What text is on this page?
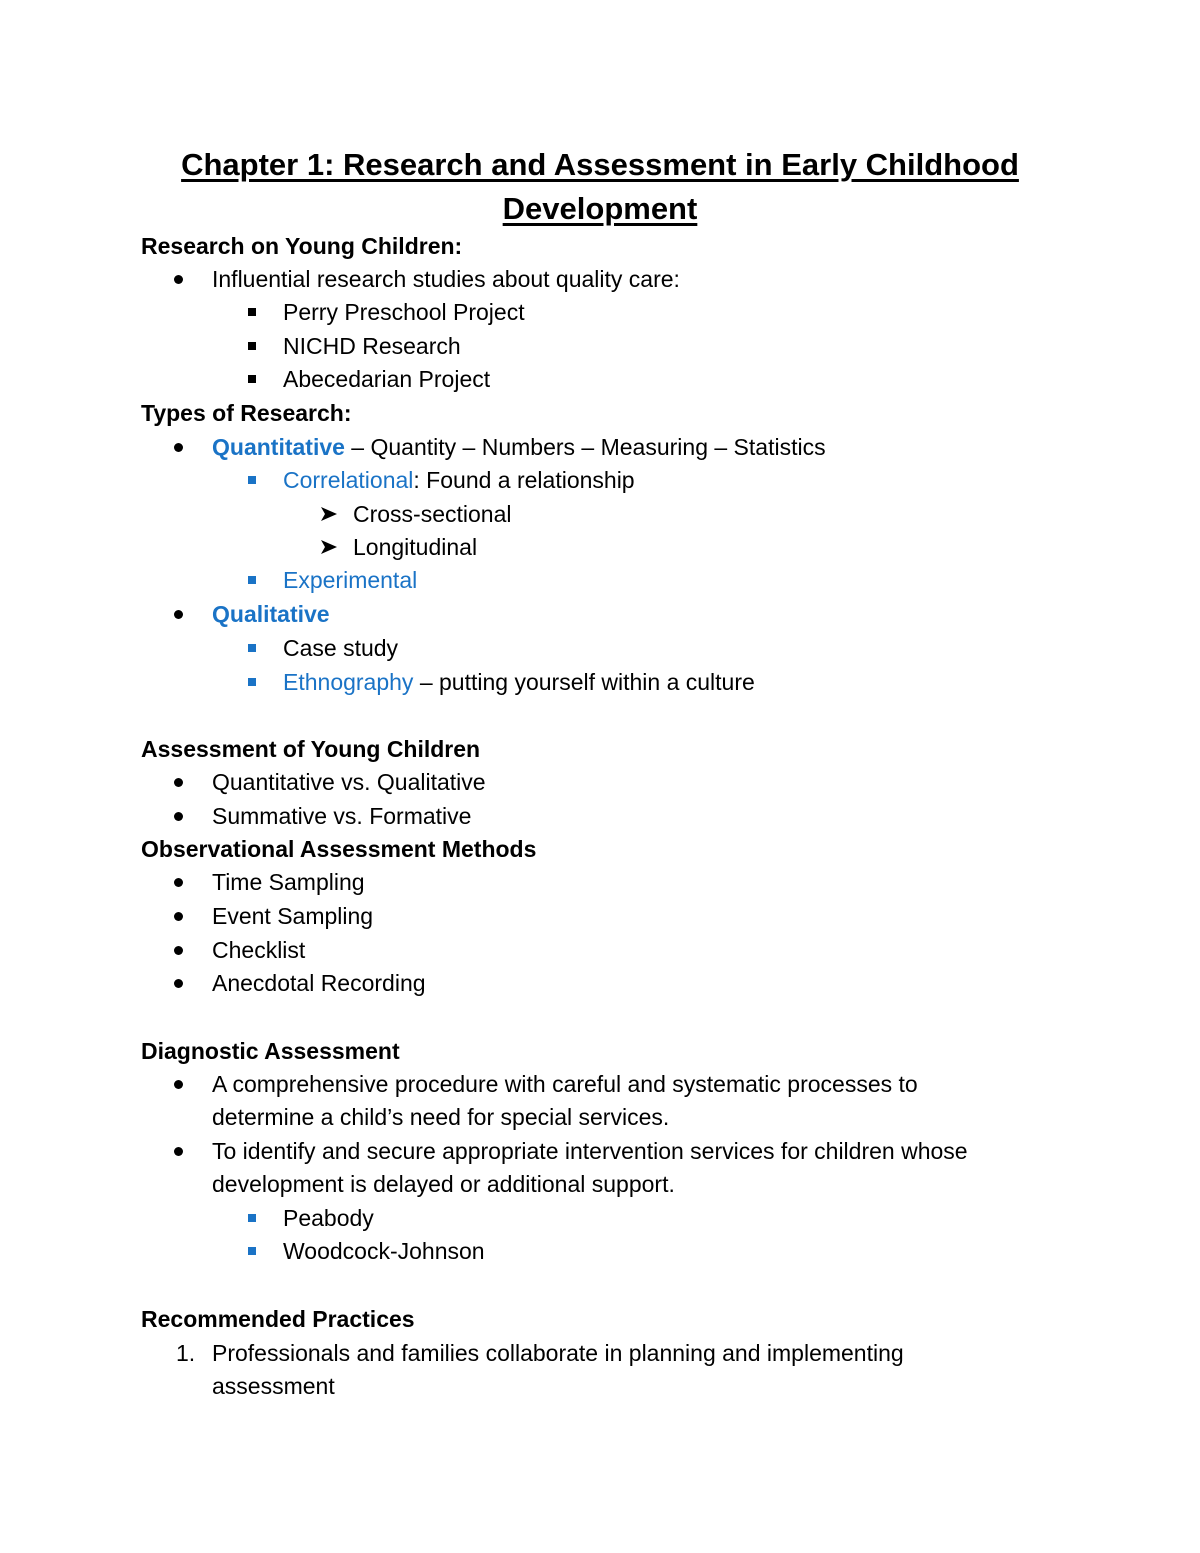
Chapter 1: Research and Assessment in Early Childhood
Development
Research on Young Children:
Influential research studies about quality care:
Perry Preschool Project
NICHD Research
Abecedarian Project
Types of Research:
Quantitative – Quantity – Numbers – Measuring – Statistics
Correlational: Found a relationship
Cross-sectional
Longitudinal
Experimental
Qualitative
Case study
Ethnography – putting yourself within a culture
Assessment of Young Children
Quantitative vs. Qualitative
Summative vs. Formative
Observational Assessment Methods
Time Sampling
Event Sampling
Checklist
Anecdotal Recording
Diagnostic Assessment
A comprehensive procedure with careful and systematic processes to
determine a child’s need for special services.
To identify and secure appropriate intervention services for children whose
development is delayed or additional support.
Peabody
Woodcock-Johnson
Recommended Practices
1. Professionals and families collaborate in planning and implementing
assessment
